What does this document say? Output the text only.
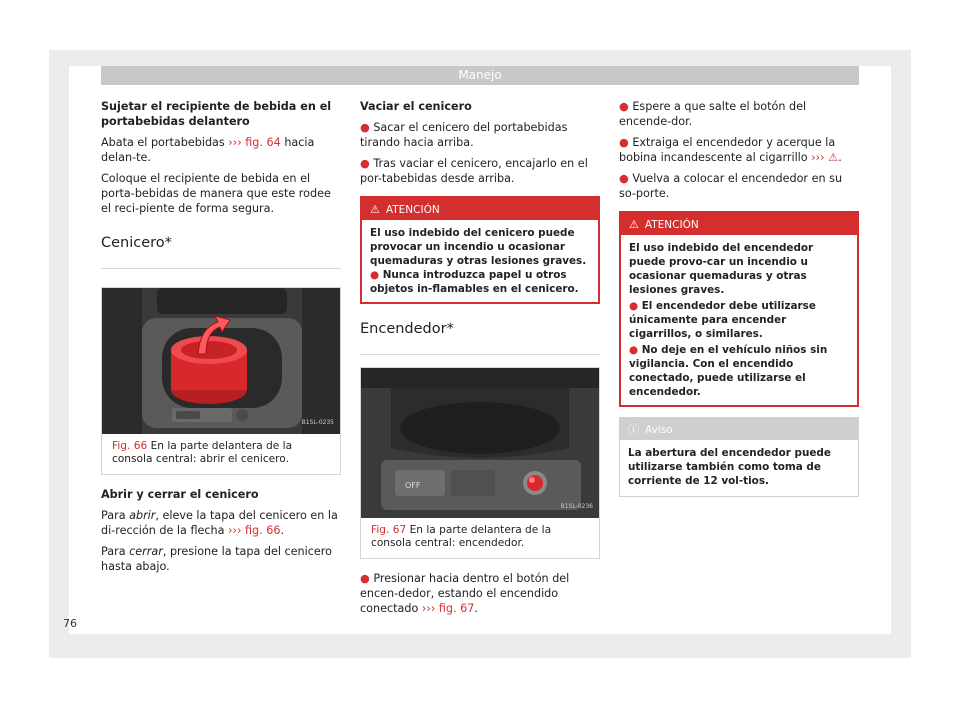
Manejo

Sujetar el recipiente de bebida en el portabebidas delantero

Abata el portabebidas ››› fig. 64 hacia delan-te.

Coloque el recipiente de bebida en el porta-bebidas de manera que este rodee el reci-piente de forma segura.

Cenicero*
B1SL-0235
Fig. 66 En la parte delantera de la consola central: abrir el cenicero.

Abrir y cerrar el cenicero

Para abrir, eleve la tapa del cenicero en la di-rección de la flecha ››› fig. 66.

Para cerrar, presione la tapa del cenicero hasta abajo.

Vaciar el cenicero

● Sacar el cenicero del portabebidas tirando hacia arriba.

● Tras vaciar el cenicero, encajarlo en el por-tabebidas desde arriba.

⚠ ATENCIÓN
El uso indebido del cenicero puede provocar un incendio u ocasionar quemaduras y otras lesiones graves.
● Nunca introduzca papel u otros objetos in-flamables en el cenicero.
Encendedor*
OFF
B1SL-0236
Fig. 67 En la parte delantera de la consola central: encendedor.

● Presionar hacia dentro el botón del encen-dedor, estando el encendido conectado ››› fig. 67.

● Espere a que salte el botón del encende-dor.

● Extraiga el encendedor y acerque la bobina incandescente al cigarrillo ››› ⚠.

● Vuelva a colocar el encendedor en su so-porte.

⚠ ATENCIÓN
El uso indebido del encendedor puede provo-car un incendio u ocasionar quemaduras y otras lesiones graves.
● El encendedor debe utilizarse únicamente para encender cigarrillos, o similares.
● No deje en el vehículo niños sin vigilancia. Con el encendido conectado, puede utilizarse el encendedor.
ⓘ Aviso
La abertura del encendedor puede utilizarse también como toma de corriente de 12 vol-tios.
76
